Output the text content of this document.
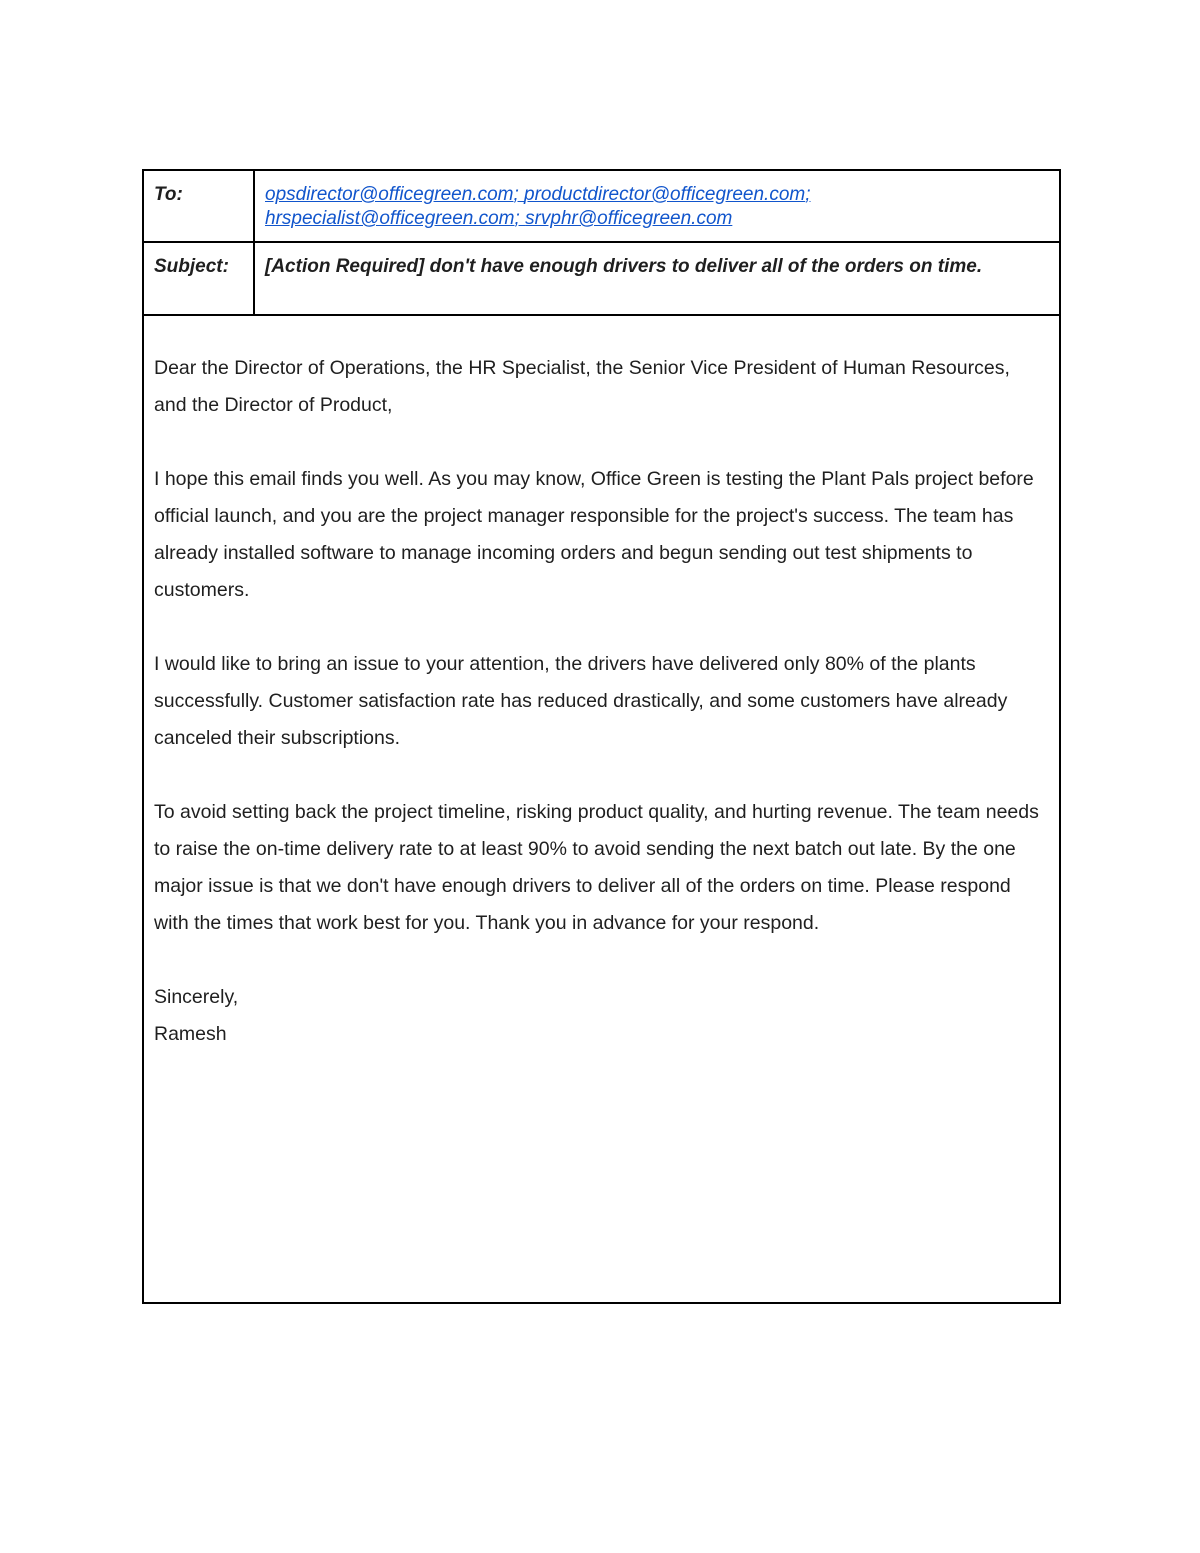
To:	opsdirector@officegreen.com; productdirector@officegreen.com;
hrspecialist@officegreen.com; srvphr@officegreen.com
Subject:	[Action Required] don't have enough drivers to deliver all of the orders on time.

Dear the Director of Operations, the HR Specialist, the Senior Vice President of Human Resources, and the Director of Product,

I hope this email finds you well. As you may know, Office Green is testing the Plant Pals project before official launch, and you are the project manager responsible for the project's success. The team has already installed software to manage incoming orders and begun sending out test shipments to customers.

I would like to bring an issue to your attention, the drivers have delivered only 80% of the plants successfully. Customer satisfaction rate has reduced drastically, and some customers have already canceled their subscriptions.

To avoid setting back the project timeline, risking product quality, and hurting revenue. The team needs to raise the on-time delivery rate to at least 90% to avoid sending the next batch out late. By the one major issue is that we don't have enough drivers to deliver all of the orders on time. Please respond with the times that work best for you. Thank you in advance for your respond.

Sincerely,
Ramesh
